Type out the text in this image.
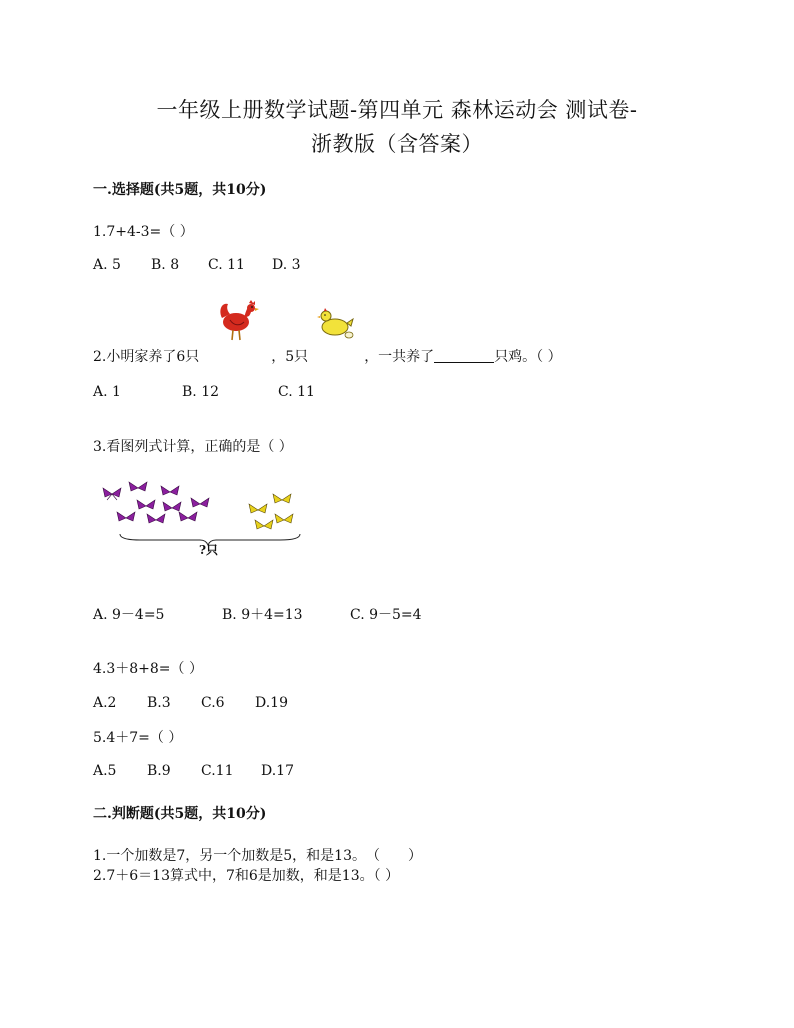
一年级上册数学试题-第四单元 森林运动会 测试卷-
浙教版（含答案）
一.选择题(共5题，共10分)
1.7+4-3=（ ）
A. 5 B. 8 C. 11 D. 3
2.小明家养了6只	，5只	，一共养了	只鸡。（ ）
A. 1	B. 12	C. 11
3.看图列式计算，正确的是（ ）
?只
A. 9－4=5	B. 9＋4=13	C. 9－5=4
4.3＋8+8=（ ）
A.2 B.3 C.6 D.19
5.4＋7=（ ）
A.5 B.9 C.11 D.17
二.判断题(共5题，共10分)
1.一个加数是7，另一个加数是5，和是13。　（　　）
2.7＋6＝13算式中，7和6是加数，和是13。（ ）
